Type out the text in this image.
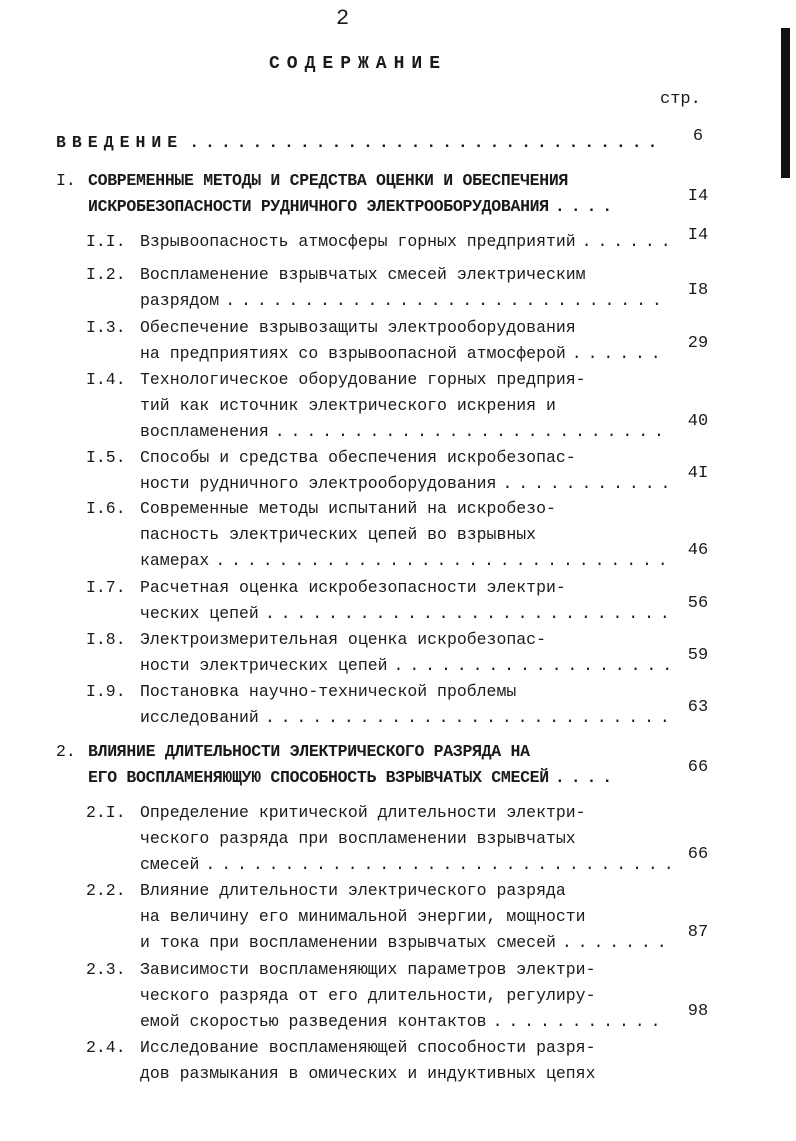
2
СОДЕРЖАНИЕ
стр.
ВВЕДЕНИЕ . . .	6
I. СОВРЕМЕННЫЕ МЕТОДЫ И СРЕДСТВА ОЦЕНКИ И ОБЕСПЕЧЕНИЯ
ИСКРОБЕЗОПАСНОСТИ РУДНИЧНОГО ЭЛЕКТРООБОРУДОВАНИЯ
. . .
I4
I.I. Взрывоопасность атмосферы горных предприятий . . .	I4
I.2. Воспламенение взрывчатых смесей электрическим
разрядом
. . .
I8
I.3. Обеспечение взрывозащиты электрооборудования
на предприятиях со взрывоопасной атмосферой
. . .
29
I.4. Технологическое оборудование горных предприя-
тий как источник электрического искрения и
воспламенения
. . .
40
I.5. Способы и средства обеспечения искробезопас-
ности рудничного электрооборудования
. . .
4I
I.6. Современные методы испытаний на искробезо-
пасность электрических цепей во взрывных
камерах
. . .
46
I.7. Расчетная оценка искробезопасности электри-
ческих цепей
. . .
56
I.8. Электроизмерительная оценка искробезопас-
ности электрических цепей
. . .
59
I.9. Постановка научно-технической проблемы
исследований
. . .
63
2. ВЛИЯНИЕ ДЛИТЕЛЬНОСТИ ЭЛЕКТРИЧЕСКОГО РАЗРЯДА НА
ЕГО ВОСПЛАМЕНЯЮЩУЮ СПОСОБНОСТЬ ВЗРЫВЧАТЫХ СМЕСЕЙ
. . .
66
2.I. Определение критической длительности электри-
ческого разряда при воспламенении взрывчатых
смесей
. . .
66
2.2. Влияние длительности электрического разряда
на величину его минимальной энергии, мощности
и тока при воспламенении взрывчатых смесей
. . .
87
2.3. Зависимости воспламеняющих параметров электри-
ческого разряда от его длительности, регулиру-
емой скоростью разведения контактов
. . .
98
2.4. Исследование воспламеняющей способности разря-
дов размыкания в омических и индуктивных цепях
